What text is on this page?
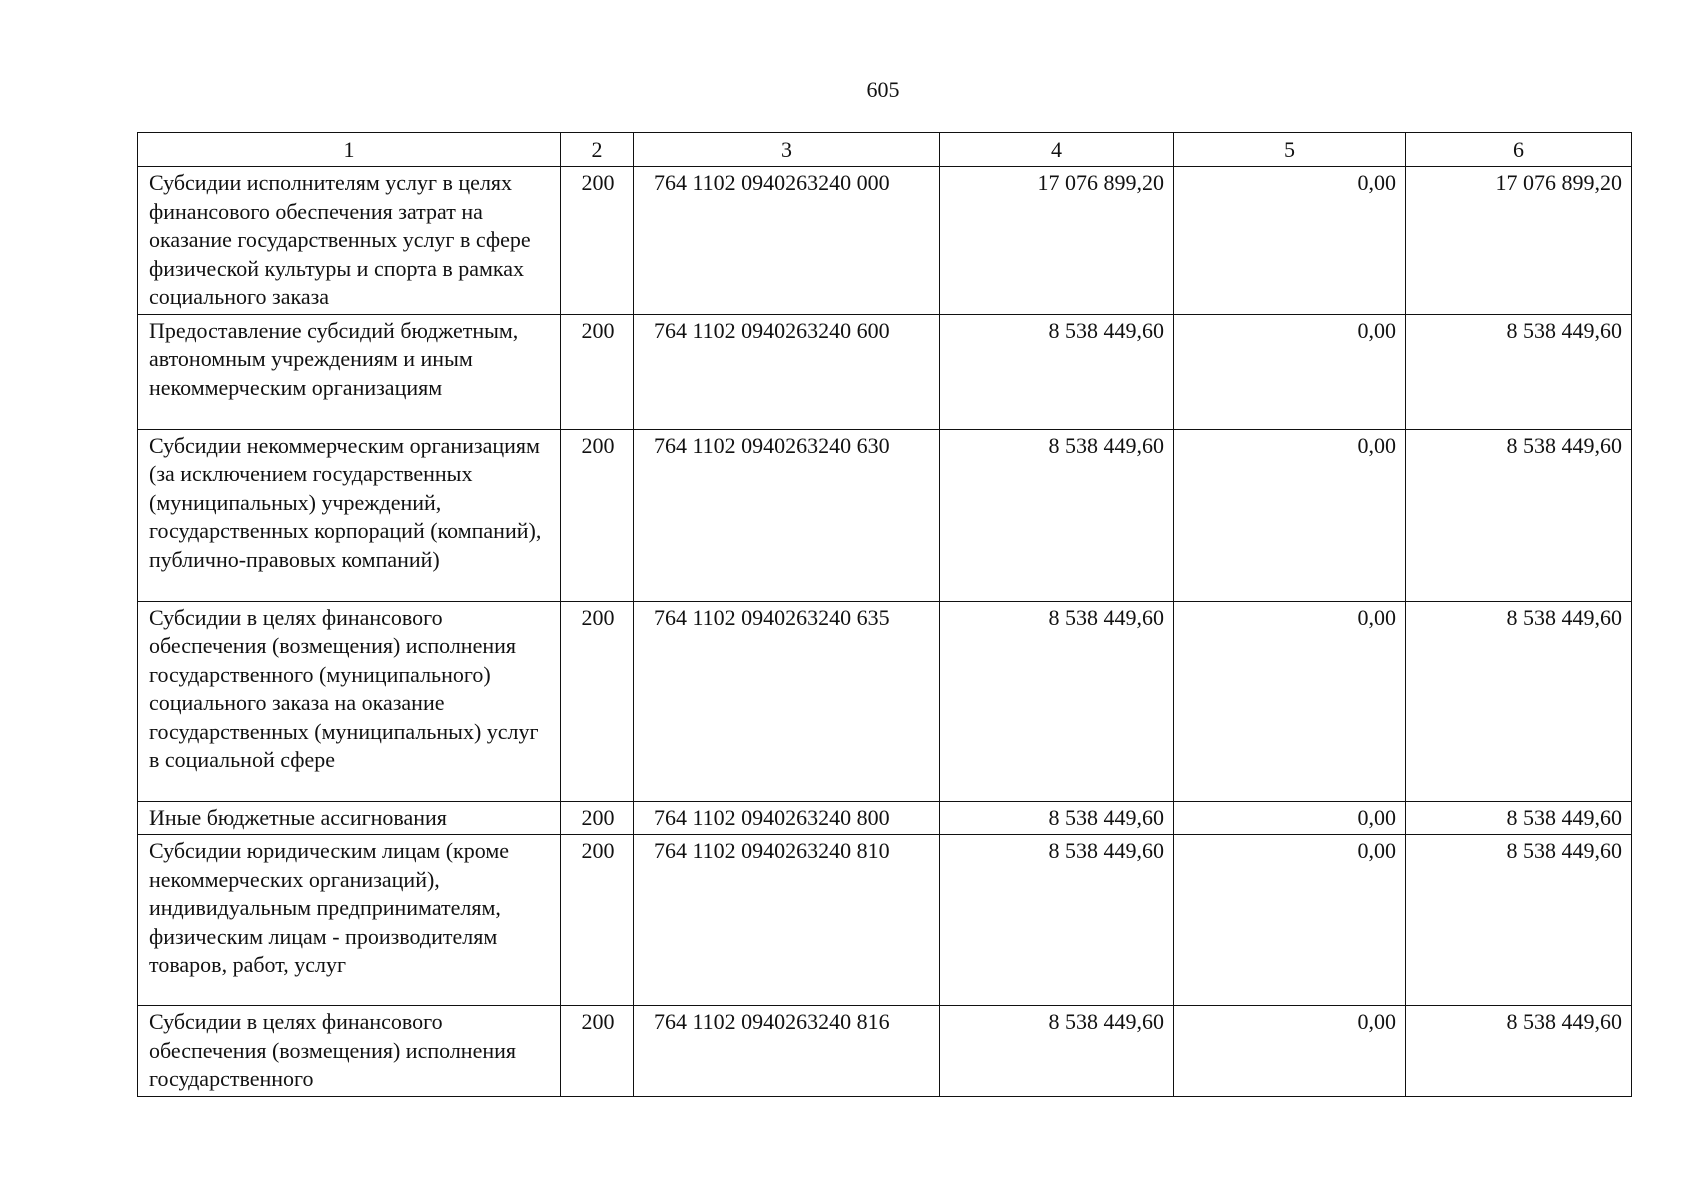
605
1	2	3	4	5	6
Субсидии исполнителям услуг в целях финансового обеспечения затрат на оказание государственных услуг в сфере физической культуры и спорта в рамках социального заказа	200	764 1102 0940263240 000	17 076 899,20	0,00	17 076 899,20
Предоставление субсидий бюджетным, автономным учреждениям и иным некоммерческим организациям	200	764 1102 0940263240 600	8 538 449,60	0,00	8 538 449,60
Субсидии некоммерческим организациям (за исключением государственных (муниципальных) учреждений, государственных корпораций (компаний), публично-правовых компаний)	200	764 1102 0940263240 630	8 538 449,60	0,00	8 538 449,60
Субсидии в целях финансового обеспечения (возмещения) исполнения государственного (муниципального) социального заказа на оказание государственных (муниципальных) услуг в социальной сфере	200	764 1102 0940263240 635	8 538 449,60	0,00	8 538 449,60
Иные бюджетные ассигнования	200	764 1102 0940263240 800	8 538 449,60	0,00	8 538 449,60
Субсидии юридическим лицам (кроме некоммерческих организаций), индивидуальным предпринимателям, физическим лицам - производителям товаров, работ, услуг	200	764 1102 0940263240 810	8 538 449,60	0,00	8 538 449,60
Субсидии в целях финансового обеспечения (возмещения) исполнения государственного	200	764 1102 0940263240 816	8 538 449,60	0,00	8 538 449,60
